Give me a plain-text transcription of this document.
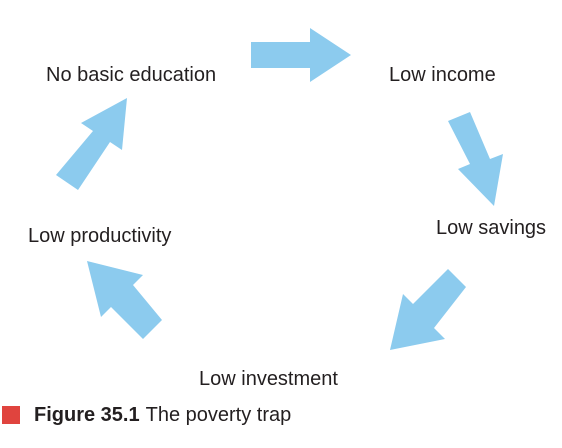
No basic education	Low income
Low savings
Low investment
Low productivity
Figure 35.1 The poverty trap
